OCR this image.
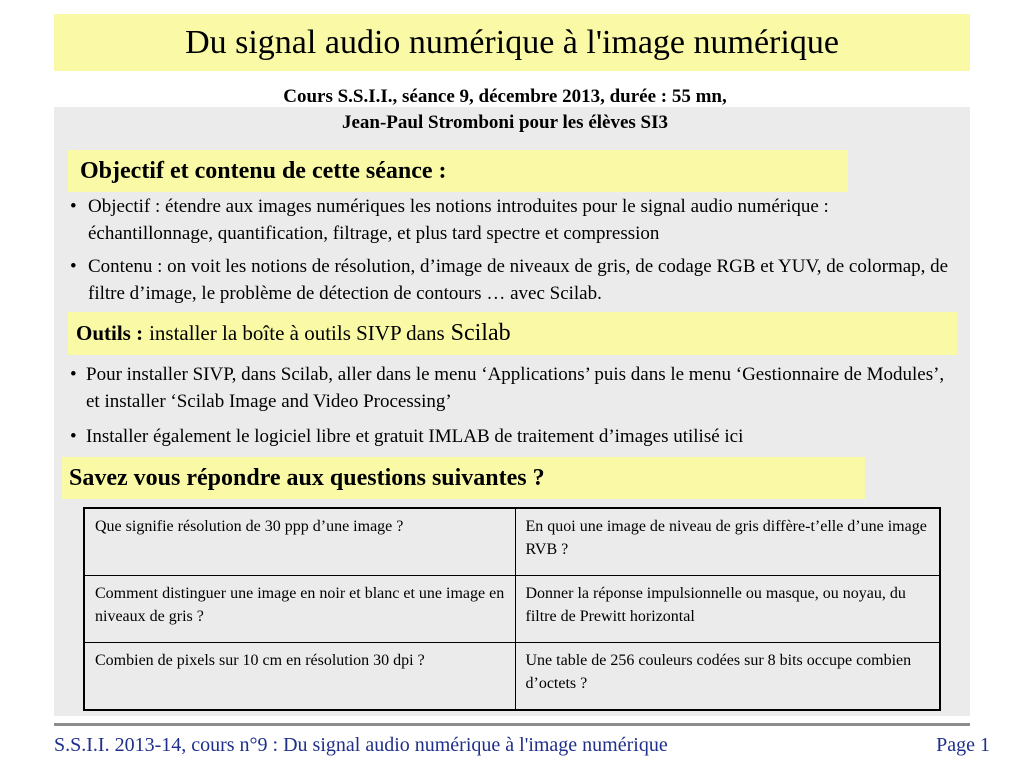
Du signal audio numérique à l'image numérique
Cours S.S.I.I., séance 9, décembre 2013, durée : 55 mn,
Jean-Paul Stromboni pour les élèves SI3
Objectif et contenu de cette séance :
• Objectif : étendre aux images numériques les notions introduites pour le signal audio numérique : échantillonnage, quantification, filtrage, et plus tard spectre et compression
• Contenu : on voit les notions de résolution, d’image de niveaux de gris, de codage RGB et YUV, de colormap, de filtre d’image, le problème de détection de contours … avec Scilab.
Outils : installer la boîte à outils SIVP dans Scilab
• Pour installer SIVP, dans Scilab, aller dans le menu ‘Applications’ puis dans le menu ‘Gestionnaire de Modules’, et installer ‘Scilab Image and Video Processing’
• Installer également le logiciel libre et gratuit IMLAB de traitement d’images utilisé ici
Savez vous répondre aux questions suivantes ?
Que signifie résolution de 30 ppp d’une image ?	En quoi une image de niveau de gris diffère-t’elle d’une image RVB ?
Comment distinguer une image en noir et blanc et une image en niveaux de gris ?	Donner la réponse impulsionnelle ou masque, ou noyau, du filtre de Prewitt horizontal
Combien de pixels sur 10 cm en résolution 30 dpi ?	Une table de 256 couleurs codées sur 8 bits occupe combien d’octets ?
S.S.I.I. 2013-14, cours n°9 : Du signal audio numérique à l'image numérique	Page 1
